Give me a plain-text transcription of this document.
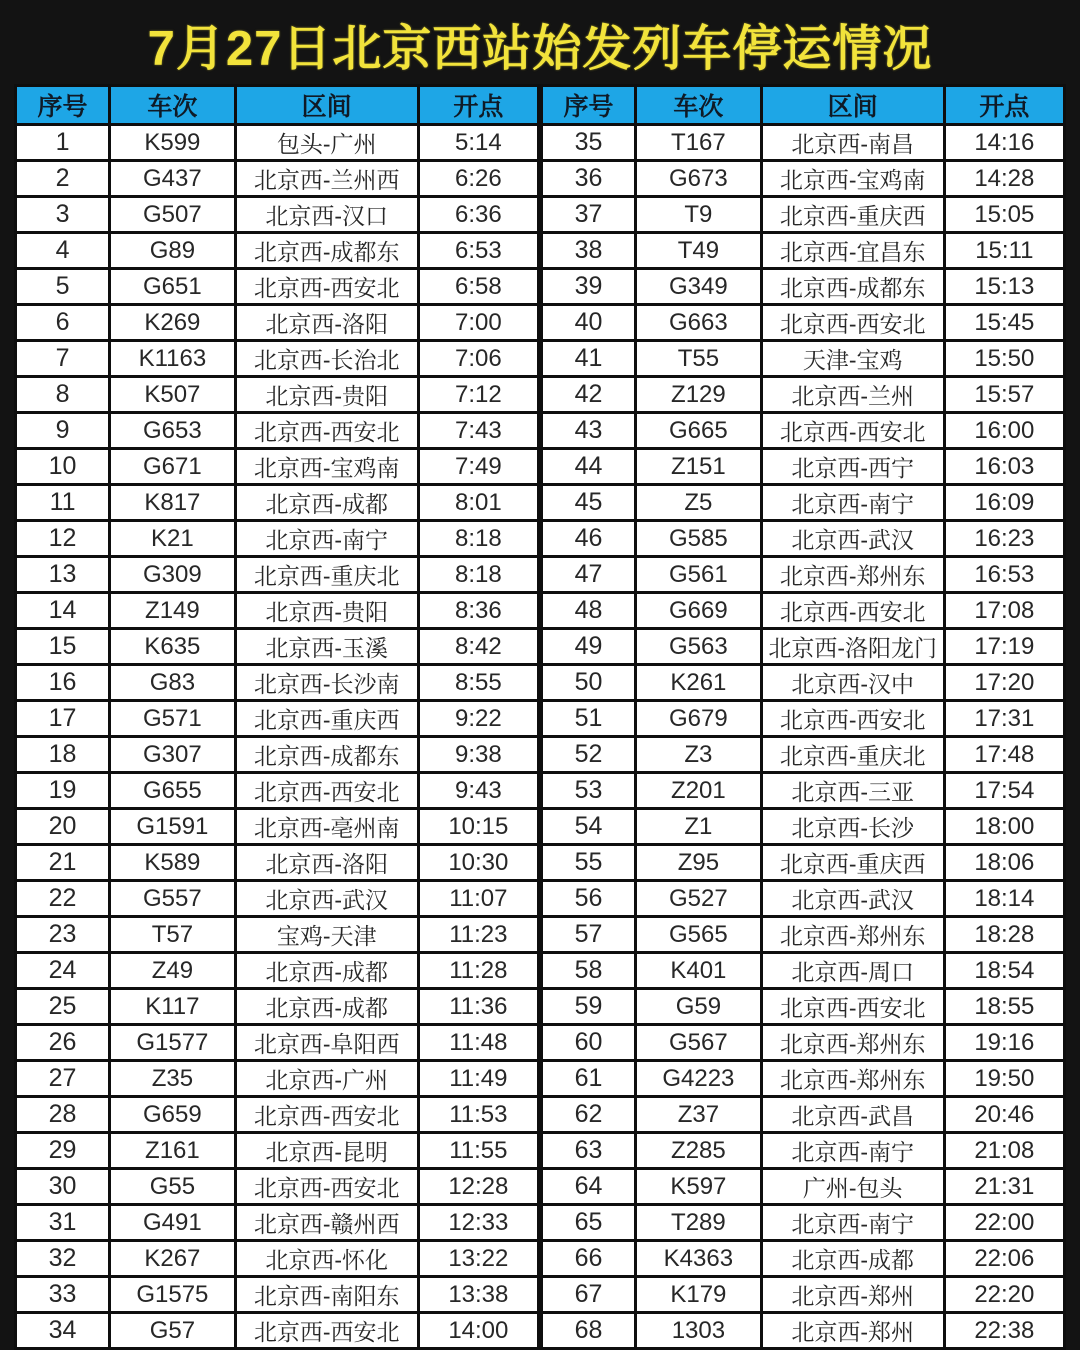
7月27日北京西站始发列车停运情况
序号	车次	区间	开点
1	K599	包头-广州	5:14
2	G437	北京西-兰州西	6:26
3	G507	北京西-汉口	6:36
4	G89	北京西-成都东	6:53
5	G651	北京西-西安北	6:58
6	K269	北京西-洛阳	7:00
7	K1163	北京西-长治北	7:06
8	K507	北京西-贵阳	7:12
9	G653	北京西-西安北	7:43
10	G671	北京西-宝鸡南	7:49
11	K817	北京西-成都	8:01
12	K21	北京西-南宁	8:18
13	G309	北京西-重庆北	8:18
14	Z149	北京西-贵阳	8:36
15	K635	北京西-玉溪	8:42
16	G83	北京西-长沙南	8:55
17	G571	北京西-重庆西	9:22
18	G307	北京西-成都东	9:38
19	G655	北京西-西安北	9:43
20	G1591	北京西-亳州南	10:15
21	K589	北京西-洛阳	10:30
22	G557	北京西-武汉	11:07
23	T57	宝鸡-天津	11:23
24	Z49	北京西-成都	11:28
25	K117	北京西-成都	11:36
26	G1577	北京西-阜阳西	11:48
27	Z35	北京西-广州	11:49
28	G659	北京西-西安北	11:53
29	Z161	北京西-昆明	11:55
30	G55	北京西-西安北	12:28
31	G491	北京西-赣州西	12:33
32	K267	北京西-怀化	13:22
33	G1575	北京西-南阳东	13:38
34	G57	北京西-西安北	14:00
序号	车次	区间	开点
35	T167	北京西-南昌	14:16
36	G673	北京西-宝鸡南	14:28
37	T9	北京西-重庆西	15:05
38	T49	北京西-宜昌东	15:11
39	G349	北京西-成都东	15:13
40	G663	北京西-西安北	15:45
41	T55	天津-宝鸡	15:50
42	Z129	北京西-兰州	15:57
43	G665	北京西-西安北	16:00
44	Z151	北京西-西宁	16:03
45	Z5	北京西-南宁	16:09
46	G585	北京西-武汉	16:23
47	G561	北京西-郑州东	16:53
48	G669	北京西-西安北	17:08
49	G563	北京西-洛阳龙门	17:19
50	K261	北京西-汉中	17:20
51	G679	北京西-西安北	17:31
52	Z3	北京西-重庆北	17:48
53	Z201	北京西-三亚	17:54
54	Z1	北京西-长沙	18:00
55	Z95	北京西-重庆西	18:06
56	G527	北京西-武汉	18:14
57	G565	北京西-郑州东	18:28
58	K401	北京西-周口	18:54
59	G59	北京西-西安北	18:55
60	G567	北京西-郑州东	19:16
61	G4223	北京西-郑州东	19:50
62	Z37	北京西-武昌	20:46
63	Z285	北京西-南宁	21:08
64	K597	广州-包头	21:31
65	T289	北京西-南宁	22:00
66	K4363	北京西-成都	22:06
67	K179	北京西-郑州	22:20
68	1303	北京西-郑州	22:38
